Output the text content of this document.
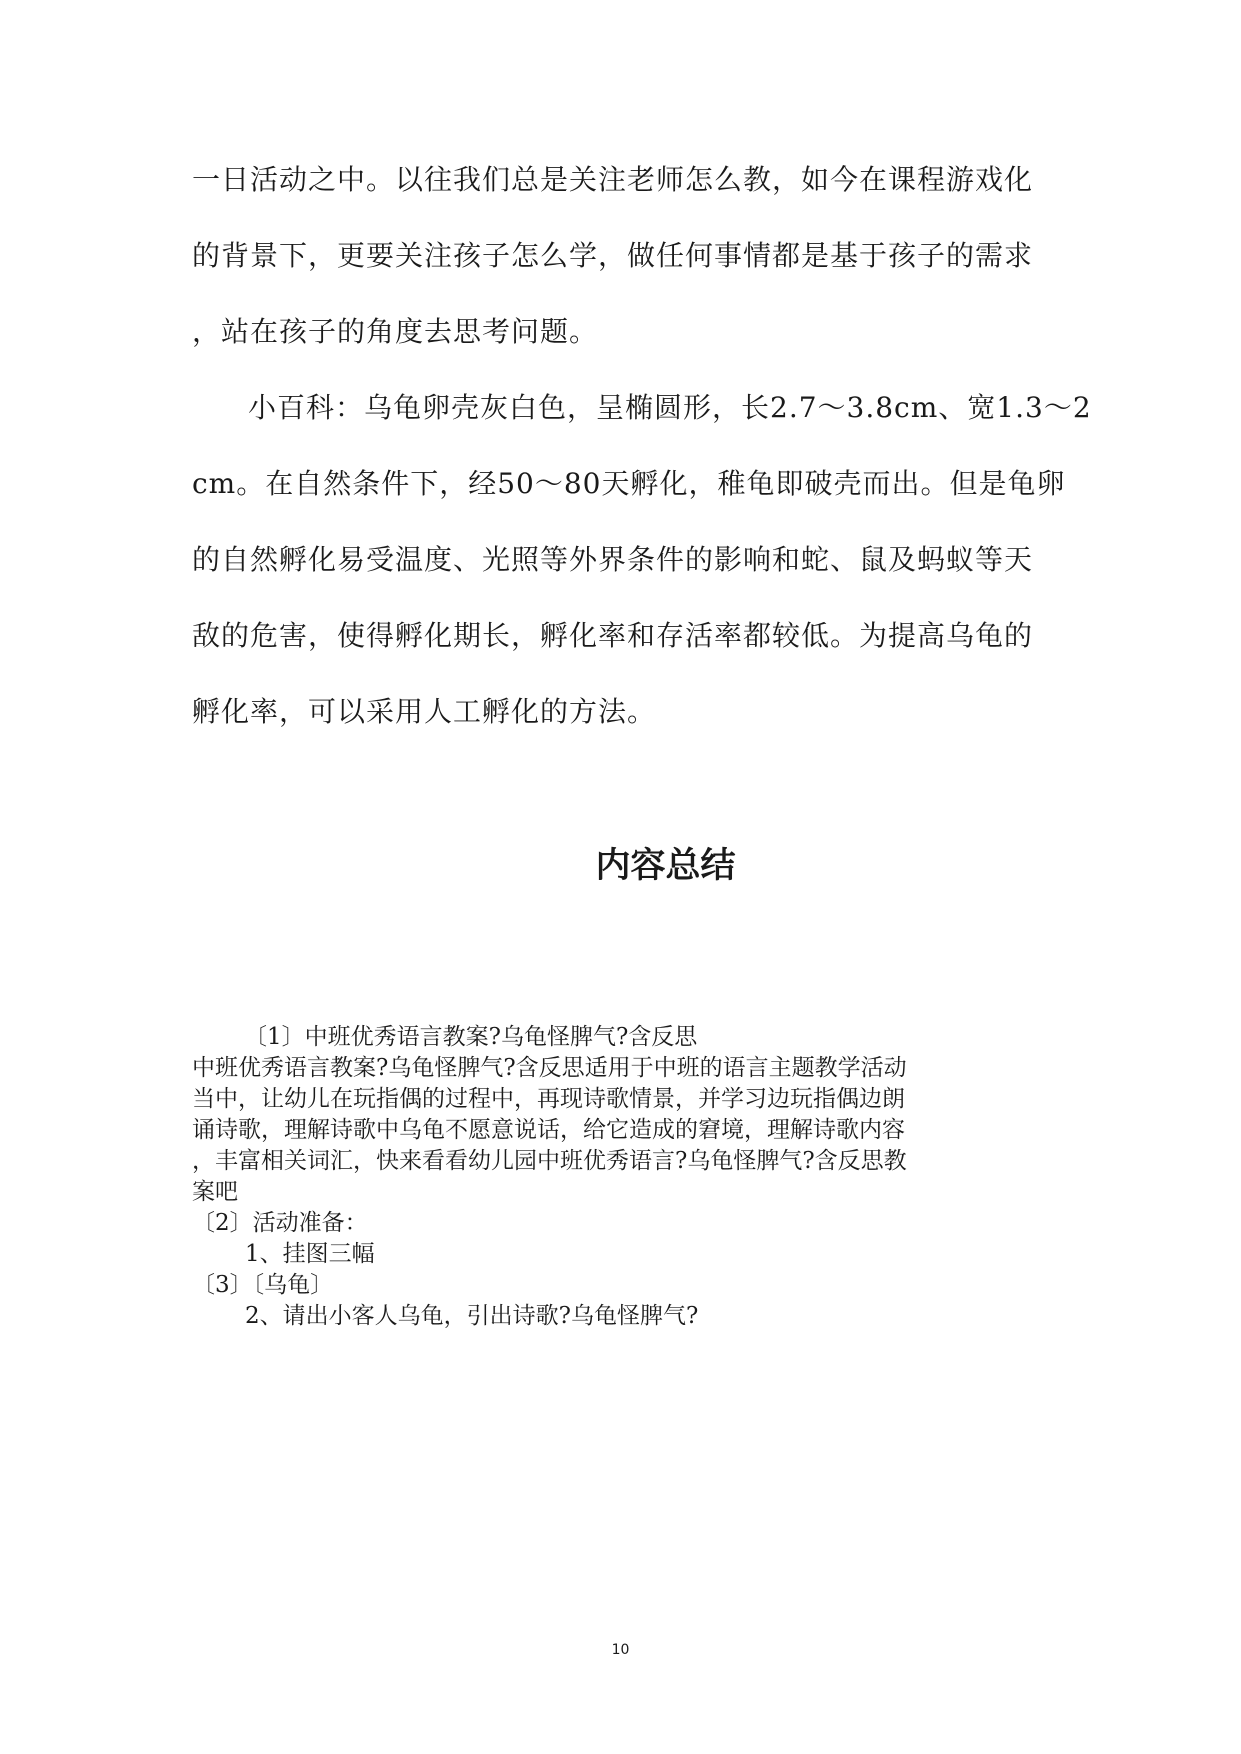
一日活动之中。以往我们总是关注老师怎么教，如今在课程游戏化

的背景下，更要关注孩子怎么学，做任何事情都是基于孩子的需求

，站在孩子的角度去思考问题。

小百科：乌龟卵壳灰白色，呈椭圆形，长2.7～3.8cm、宽1.3～2

cm。在自然条件下，经50～80天孵化，稚龟即破壳而出。但是龟卵

的自然孵化易受温度、光照等外界条件的影响和蛇、鼠及蚂蚁等天

敌的危害，使得孵化期长，孵化率和存活率都较低。为提高乌龟的

孵化率，可以采用人工孵化的方法。

内容总结

〔1〕中班优秀语言教案?乌龟怪脾气?含反思

中班优秀语言教案?乌龟怪脾气?含反思适用于中班的语言主题教学活动

当中，让幼儿在玩指偶的过程中，再现诗歌情景，并学习边玩指偶边朗

诵诗歌，理解诗歌中乌龟不愿意说话，给它造成的窘境，理解诗歌内容

，丰富相关词汇，快来看看幼儿园中班优秀语言?乌龟怪脾气?含反思教

案吧

〔2〕活动准备：

1、挂图三幅

〔3〕〔乌龟〕

2、请出小客人乌龟，引出诗歌?乌龟怪脾气?

10
